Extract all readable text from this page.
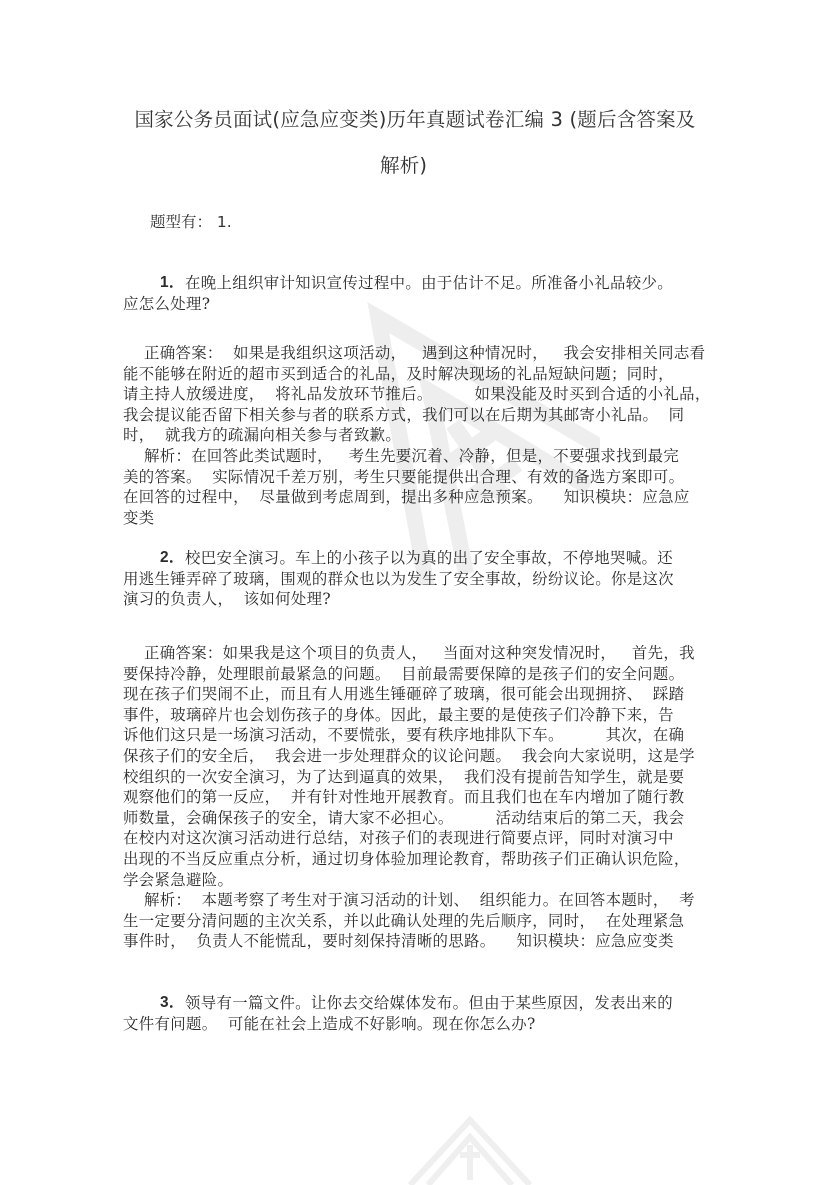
国家公务员面试(应急应变类)历年真题试卷汇编 3 (题后含答案及
解析)
题型有： 1.
1． 在晚上组织审计知识宣传过程中。由于估计不足。所准备小礼品较少。
应怎么处理?
正确答案：  如果是我组织这项活动，   遇到这种情况时，   我会安排相关同志看
能不能够在附近的超市买到适合的礼品，及时解决现场的礼品短缺问题；同时，
请主持人放缓进度，  将礼品发放环节推后。        如果没能及时买到合适的小礼品，
我会提议能否留下相关参与者的联系方式，我们可以在后期为其邮寄小礼品。  同
时，  就我方的疏漏向相关参与者致歉。
解析：在回答此类试题时，   考生先要沉着、冷静，但是，不要强求找到最完
美的答案。  实际情况千差万别，考生只要能提供出合理、有效的备选方案即可。
在回答的过程中，  尽量做到考虑周到，提出多种应急预案。    知识模块：应急应
变类
2． 校巴安全演习。车上的小孩子以为真的出了安全事故，不停地哭喊。还
用逃生锤弄碎了玻璃，围观的群众也以为发生了安全事故，纷纷议论。你是这次
演习的负责人，  该如何处理?
正确答案：如果我是这个项目的负责人，   当面对这种突发情况时，   首先，我
要保持冷静，处理眼前最紧急的问题。  目前最需要保障的是孩子们的安全问题。
现在孩子们哭闹不止，而且有人用逃生锤砸碎了玻璃，很可能会出现拥挤、  踩踏
事件，玻璃碎片也会划伤孩子的身体。因此，最主要的是使孩子们冷静下来，告
诉他们这只是一场演习活动，不要慌张，要有秩序地排队下车。        其次，在确
保孩子们的安全后，  我会进一步处理群众的议论问题。  我会向大家说明，这是学
校组织的一次安全演习，为了达到逼真的效果，  我们没有提前告知学生，就是要
观察他们的第一反应，  并有针对性地开展教育。而且我们也在车内增加了随行教
师数量，会确保孩子的安全，请大家不必担心。        活动结束后的第二天，我会
在校内对这次演习活动进行总结，对孩子们的表现进行简要点评，同时对演习中
出现的不当反应重点分析，通过切身体验加理论教育，帮助孩子们正确认识危险，
学会紧急避险。
解析：  本题考察了考生对于演习活动的计划、  组织能力。在回答本题时，  考
生一定要分清问题的主次关系，并以此确认处理的先后顺序，同时，  在处理紧急
事件时，  负责人不能慌乱，要时刻保持清晰的思路。    知识模块：应急应变类
3． 领导有一篇文件。让你去交给媒体发布。但由于某些原因，发表出来的
文件有问题。  可能在社会上造成不好影响。现在你怎么办?
